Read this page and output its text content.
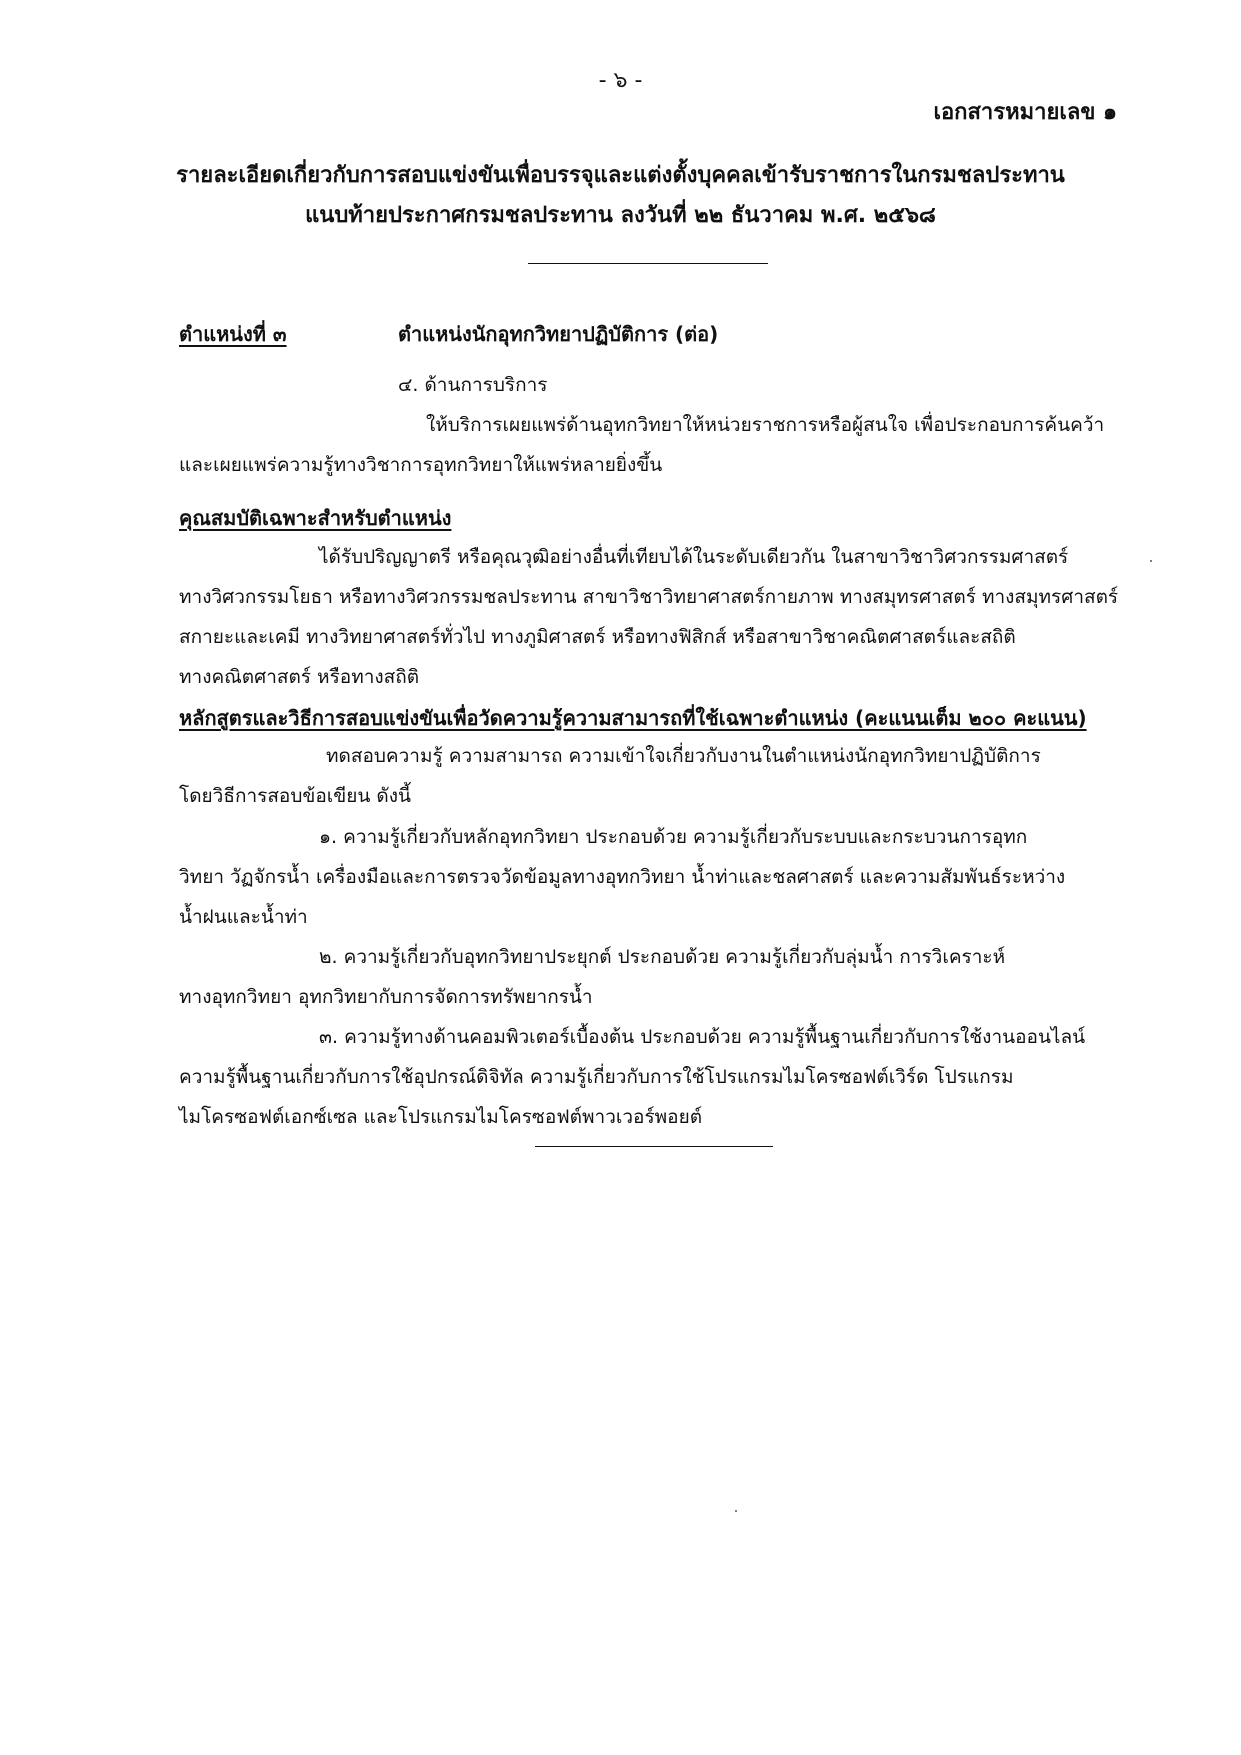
- ๖ -
เอกสารหมายเลข ๑
รายละเอียดเกี่ยวกับการสอบแข่งขันเพื่อบรรจุและแต่งตั้งบุคคลเข้ารับราชการในกรมชลประทาน
แนบท้ายประกาศกรมชลประทาน ลงวันที่ ๒๒ ธันวาคม พ.ศ. ๒๕๖๘
ตำแหน่งที่ ๓	ตำแหน่งนักอุทกวิทยาปฏิบัติการ (ต่อ)
๔. ด้านการบริการ
ให้บริการเผยแพร่ด้านอุทกวิทยาให้หน่วยราชการหรือผู้สนใจ เพื่อประกอบการค้นคว้า
และเผยแพร่ความรู้ทางวิชาการอุทกวิทยาให้แพร่หลายยิ่งขึ้น
คุณสมบัติเฉพาะสำหรับตำแหน่ง
ได้รับปริญญาตรี หรือคุณวุฒิอย่างอื่นที่เทียบได้ในระดับเดียวกัน ในสาขาวิชาวิศวกรรมศาสตร์
ทางวิศวกรรมโยธา หรือทางวิศวกรรมชลประทาน สาขาวิชาวิทยาศาสตร์กายภาพ ทางสมุทรศาสตร์ ทางสมุทรศาสตร์
สกายะและเคมี ทางวิทยาศาสตร์ทั่วไป ทางภูมิศาสตร์ หรือทางฟิสิกส์ หรือสาขาวิชาคณิตศาสตร์และสถิติ
ทางคณิตศาสตร์ หรือทางสถิติ
หลักสูตรและวิธีการสอบแข่งขันเพื่อวัดความรู้ความสามารถที่ใช้เฉพาะตำแหน่ง (คะแนนเต็ม ๒๐๐ คะแนน)
ทดสอบความรู้ ความสามารถ ความเข้าใจเกี่ยวกับงานในตำแหน่งนักอุทกวิทยาปฏิบัติการ
โดยวิธีการสอบข้อเขียน ดังนี้
๑. ความรู้เกี่ยวกับหลักอุทกวิทยา ประกอบด้วย ความรู้เกี่ยวกับระบบและกระบวนการอุทก
วิทยา วัฏจักรน้ำ เครื่องมือและการตรวจวัดข้อมูลทางอุทกวิทยา น้ำท่าและชลศาสตร์ และความสัมพันธ์ระหว่าง
น้ำฝนและน้ำท่า
๒. ความรู้เกี่ยวกับอุทกวิทยาประยุกต์ ประกอบด้วย ความรู้เกี่ยวกับลุ่มน้ำ การวิเคราะห์
ทางอุทกวิทยา อุทกวิทยากับการจัดการทรัพยากรน้ำ
๓. ความรู้ทางด้านคอมพิวเตอร์เบื้องต้น ประกอบด้วย ความรู้พื้นฐานเกี่ยวกับการใช้งานออนไลน์
ความรู้พื้นฐานเกี่ยวกับการใช้อุปกรณ์ดิจิทัล ความรู้เกี่ยวกับการใช้โปรแกรมไมโครซอฟต์เวิร์ด โปรแกรม
ไมโครซอฟต์เอกซ์เซล และโปรแกรมไมโครซอฟต์พาวเวอร์พอยต์
